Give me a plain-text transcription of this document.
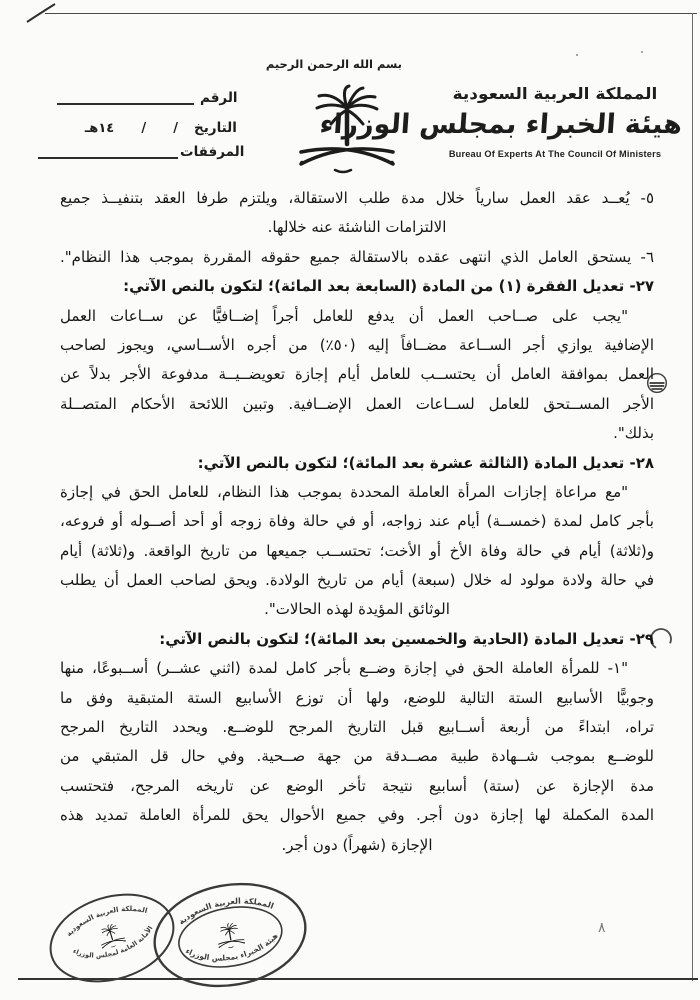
الرقم
التاريخ
/      /      ١٤هـ
المرفقات
بسم الله الرحمن الرحيم
المملكة العربية السعودية
هيئة الخبراء بمجلس الوزراء
Bureau Of Experts At The Council Of Ministers
٥- يُعــد عقد العمل سارياً خلال مدة طلب الاستقالة، ويلتزم طرفا العقد بتنفيــذ جميع
الالتزامات الناشئة عنه خلالها.
٦- يستحق العامل الذي انتهى عقده بالاستقالة جميع حقوقه المقررة بموجب هذا النظام".
٢٧- تعديل الفقرة (١) من المادة (السابعة بعد المائة)؛ لتكون بالنص الآتي:
"يجب على صــاحب العمل أن يدفع للعامل أجراً إضــافيًّا عن ســاعات العمل
الإضافية يوازي أجر الســاعة مضــافاً إليه (٥٠٪) من أجره الأســاسي، ويجوز لصاحب
العمل بموافقة العامل أن يحتســب للعامل أيام إجازة تعويضــيــة مدفوعة الأجر بدلاً عن
الأجر المســتحق للعامل لســاعات العمل الإضــافية. وتبين اللائحة الأحكام المتصــلة
بذلك".
٢٨- تعديل المادة (الثالثة عشرة بعد المائة)؛ لتكون بالنص الآتي:
"مع مراعاة إجازات المرأة العاملة المحددة بموجب هذا النظام، للعامل الحق في إجازة
بأجر كامل لمدة (خمســة) أيام عند زواجه، أو في حالة وفاة زوجه أو أحد أصــوله أو فروعه،
و(ثلاثة) أيام في حالة وفاة الأخ أو الأخت؛ تحتســب جميعها من تاريخ الواقعة. و(ثلاثة) أيام
في حالة ولادة مولود له خلال (سبعة) أيام من تاريخ الولادة. ويحق لصاحب العمل أن يطلب
الوثائق المؤيدة لهذه الحالات".
٢٩- تعديل المادة (الحادية والخمسين بعد المائة)؛ لتكون بالنص الآتي:
"١- للمرأة العاملة الحق في إجازة وضــع بأجر كامل لمدة (اثني عشــر) أســبوعًا، منها
وجوبيًّا الأسابيع الستة التالية للوضع، ولها أن توزع الأسابيع الستة المتبقية وفق ما
تراه، ابتداءً من أربعة أســابيع قبل التاريخ المرجح للوضــع. ويحدد التاريخ المرجح
للوضــع بموجب شــهادة طبية مصــدقة من جهة صــحية. وفي حال قل المتبقي من
مدة الإجازة عن (ستة) أسابيع نتيجة تأخر الوضع عن تاريخه المرجح، فتحتسب
المدة المكملة لها إجازة دون أجر. وفي جميع الأحوال يحق للمرأة العاملة تمديد هذه
الإجازة (شهراً) دون أجر.
المملكة العربية السعودية
الأمانة العامة لمجلس الوزراء
المملكة العربية السعودية
هيئة الخبراء بمجلس الوزراء
٨
